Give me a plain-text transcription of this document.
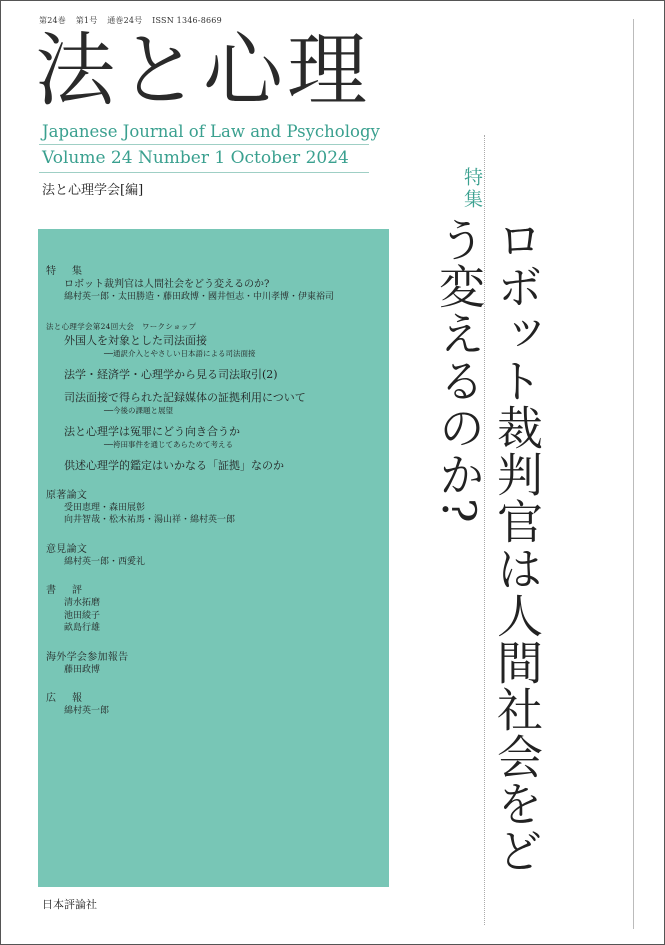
第24巻 第1号 通巻24号 ISSN 1346-8669
法と心理
Japanese Journal of Law and Psychology
Volume 24 Number 1 October 2024
法と心理学会[編]	特集
ロボット裁判官は人間社会をどう変えるのか?
特　集
ロボット裁判官は人間社会をどう変えるのか?
綿村英一郎・太田勝造・藤田政博・國井恒志・中川孝博・伊東裕司
法と心理学会第24回大会　ワークショップ
外国人を対象とした司法面接
──通訳介入とやさしい日本語による司法面接
法学・経済学・心理学から見る司法取引(2)
司法面接で得られた記録媒体の証拠利用について
──今後の課題と展望
法と心理学は冤罪にどう向き合うか
──袴田事件を通じてあらためて考える
供述心理学的鑑定はいかなる「証拠」なのか
原著論文
受田恵理・森田展彰
向井智哉・松木祐馬・湯山祥・綿村英一郎
意見論文
綿村英一郎・西愛礼
書　評
清水拓磨
池田綾子
畝島行雄
海外学会参加報告
藤田政博
広　報
綿村英一郎
日本評論社
